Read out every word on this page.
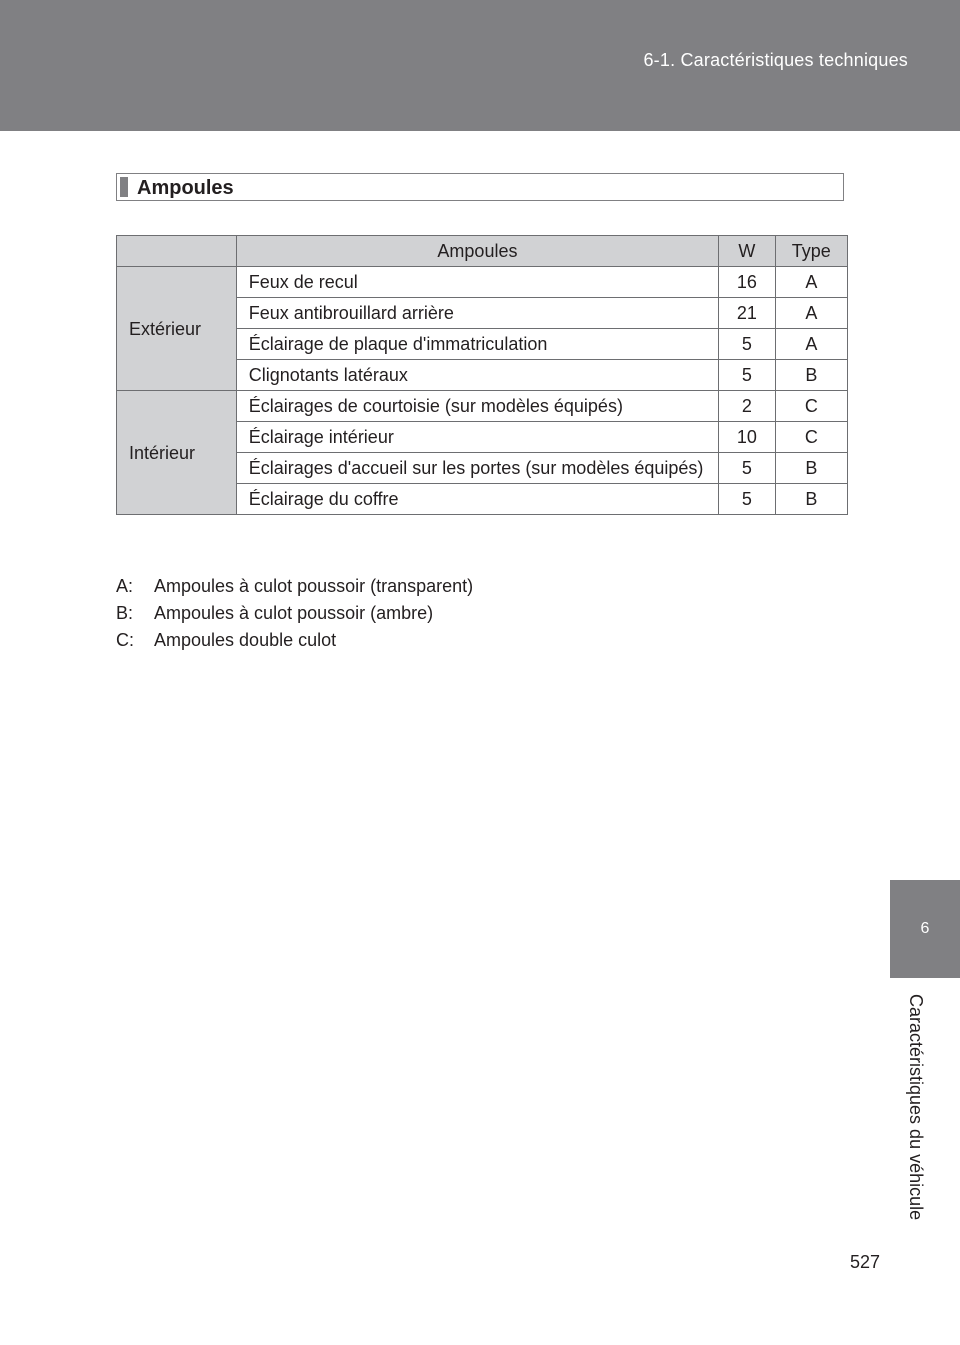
6-1. Caractéristiques techniques
6
Caractéristiques du véhicule
Ampoules
	Ampoules	W	Type
Extérieur	Feux de recul	16	A
	Feux antibrouillard arrière	21	A
	Éclairage de plaque d'immatriculation	5	A
	Clignotants latéraux	5	B
Intérieur	Éclairages de courtoisie (sur modèles équipés)	2	C
	Éclairage intérieur	10	C
	Éclairages d'accueil sur les portes (sur modèles équipés)	5	B
	Éclairage du coffre	5	B
A:	Ampoules à culot poussoir (transparent)
B:	Ampoules à culot poussoir (ambre)
C:	Ampoules double culot
527
